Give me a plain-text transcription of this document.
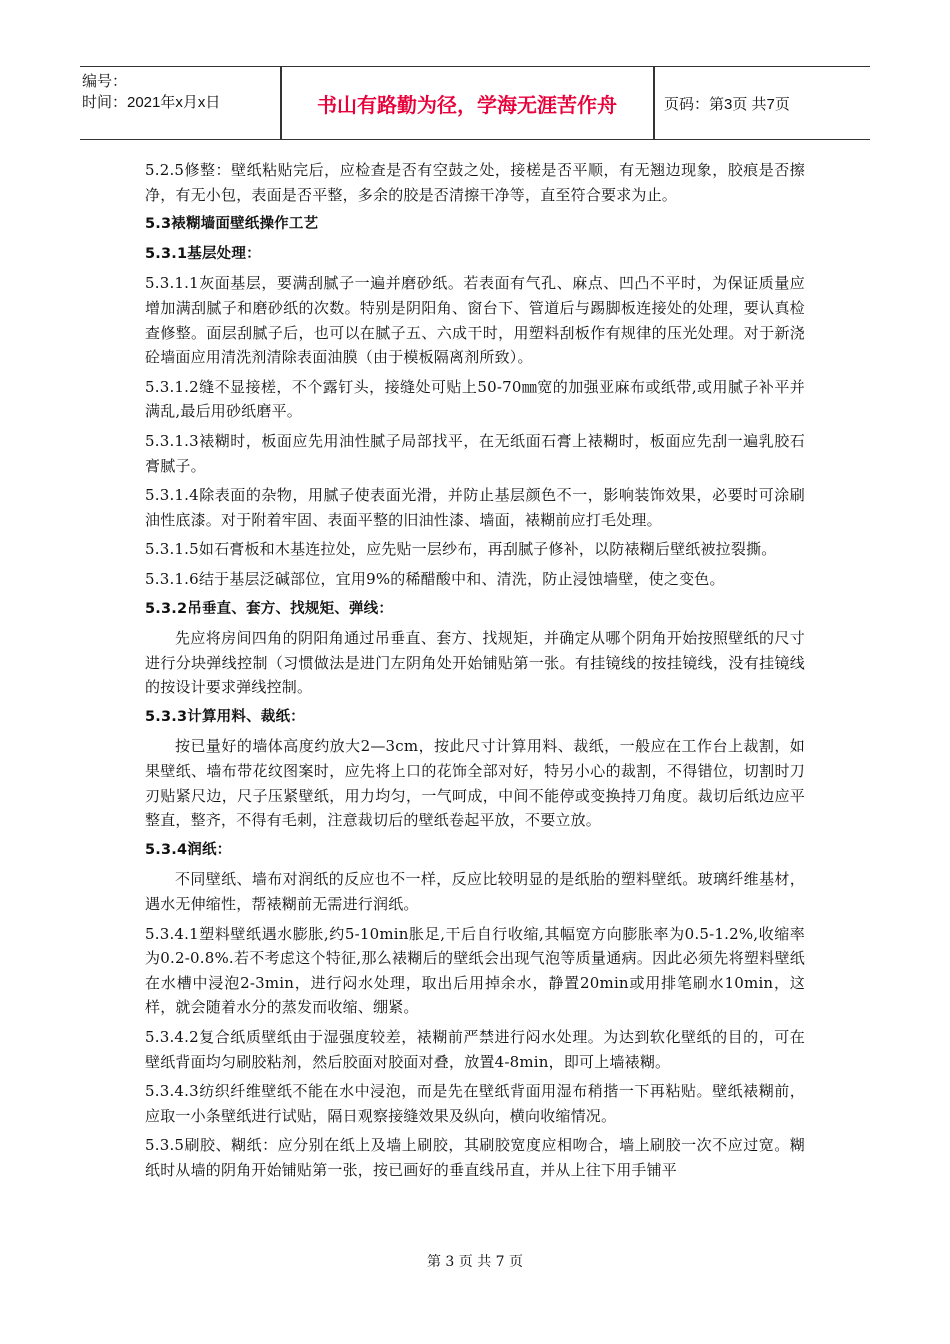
编号：
时间：2021年x月x日	书山有路勤为径，学海无涯苦作舟	页码：第3页 共7页

5.2.5修整：壁纸粘贴完后，应检查是否有空鼓之处，接槎是否平顺，有无翘边现象，胶痕是否擦净，有无小包，表面是否平整，多余的胶是否清擦干净等，直至符合要求为止。

5.3裱糊墙面壁纸操作工艺

5.3.1基层处理：

5.3.1.1灰面基层，要满刮腻子一遍并磨砂纸。若表面有气孔、麻点、凹凸不平时，为保证质量应增加满刮腻子和磨砂纸的次数。特别是阴阳角、窗台下、管道后与踢脚板连接处的处理，要认真检查修整。面层刮腻子后，也可以在腻子五、六成干时，用塑料刮板作有规律的压光处理。对于新浇砼墙面应用清洗剂清除表面油膜（由于模板隔离剂所致）。

5.3.1.2缝不显接槎，不个露钉头，接缝处可贴上50-70㎜宽的加强亚麻布或纸带,或用腻子补平并满乱,最后用砂纸磨平。

5.3.1.3裱糊时，板面应先用油性腻子局部找平，在无纸面石膏上裱糊时，板面应先刮一遍乳胶石膏腻子。

5.3.1.4除表面的杂物，用腻子使表面光滑，并防止基层颜色不一，影响装饰效果，必要时可涂刷油性底漆。对于附着牢固、表面平整的旧油性漆、墙面，裱糊前应打毛处理。

5.3.1.5如石膏板和木基连拉处，应先贴一层纱布，再刮腻子修补，以防裱糊后壁纸被拉裂撕。

5.3.1.6结于基层泛碱部位，宜用9%的稀醋酸中和、清洗，防止浸蚀墙壁，使之变色。

5.3.2吊垂直、套方、找规矩、弹线：

先应将房间四角的阴阳角通过吊垂直、套方、找规矩，并确定从哪个阴角开始按照壁纸的尺寸进行分块弹线控制（习惯做法是进门左阴角处开始铺贴第一张。有挂镜线的按挂镜线，没有挂镜线的按设计要求弹线控制。

5.3.3计算用料、裁纸：

按已量好的墙体高度约放大2—3cm，按此尺寸计算用料、裁纸，一般应在工作台上裁割，如果壁纸、墙布带花纹图案时，应先将上口的花饰全部对好，特另小心的裁割，不得错位，切割时刀刃贴紧尺边，尺子压紧壁纸，用力均匀，一气呵成，中间不能停或变换持刀角度。裁切后纸边应平整直，整齐，不得有毛刺，注意裁切后的壁纸卷起平放，不要立放。

5.3.4润纸：

不同壁纸、墙布对润纸的反应也不一样，反应比较明显的是纸胎的塑料壁纸。玻璃纤维基材，遇水无伸缩性，帮裱糊前无需进行润纸。

5.3.4.1塑料壁纸遇水膨胀,约5-10min胀足,干后自行收缩,其幅宽方向膨胀率为0.5-1.2%,收缩率为0.2-0.8%.若不考虑这个特征,那么裱糊后的壁纸会出现气泡等质量通病。因此必须先将塑料壁纸在水槽中浸泡2-3min，进行闷水处理，取出后用掉余水，静置20min或用排笔刷水10min，这样，就会随着水分的蒸发而收缩、绷紧。

5.3.4.2复合纸质壁纸由于湿强度较差，裱糊前严禁进行闷水处理。为达到软化壁纸的目的，可在壁纸背面均匀刷胶粘剂，然后胶面对胶面对叠，放置4-8min，即可上墙裱糊。

5.3.4.3纺织纤维壁纸不能在水中浸泡，而是先在壁纸背面用湿布稍揩一下再粘贴。壁纸裱糊前，应取一小条壁纸进行试贴，隔日观察接缝效果及纵向，横向收缩情况。

5.3.5刷胶、糊纸：应分别在纸上及墙上刷胶，其刷胶宽度应相吻合，墙上刷胶一次不应过宽。糊纸时从墙的阴角开始铺贴第一张，按已画好的垂直线吊直，并从上往下用手铺平

第 3 页 共 7 页
